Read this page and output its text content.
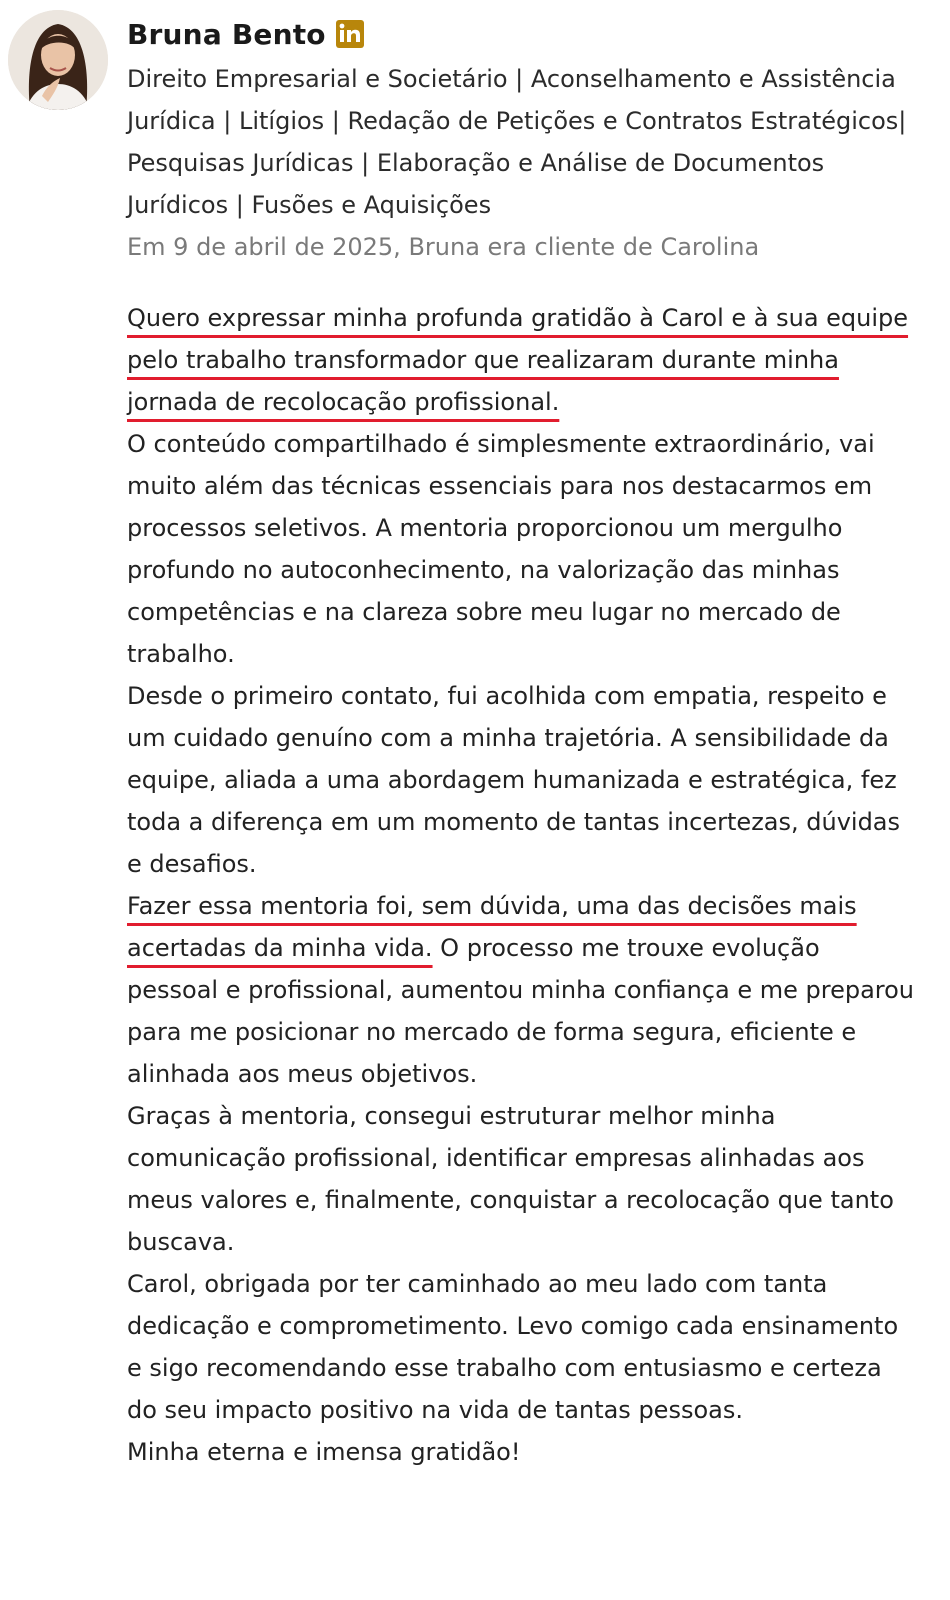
Bruna Bento
Direito Empresarial e Societário | Aconselhamento e Assistência Jurídica | Litígios | Redação de Petições e Contratos Estratégicos| Pesquisas Jurídicas | Elaboração e Análise de Documentos Jurídicos | Fusões e Aquisições
Em 9 de abril de 2025, Bruna era cliente de Carolina

Quero expressar minha profunda gratidão à Carol e à sua equipe pelo trabalho transformador que realizaram durante minha jornada de recolocação profissional.

O conteúdo compartilhado é simplesmente extraordinário, vai muito além das técnicas essenciais para nos destacarmos em processos seletivos. A mentoria proporcionou um mergulho profundo no autoconhecimento, na valorização das minhas competências e na clareza sobre meu lugar no mercado de trabalho.

Desde o primeiro contato, fui acolhida com empatia, respeito e um cuidado genuíno com a minha trajetória. A sensibilidade da equipe, aliada a uma abordagem humanizada e estratégica, fez toda a diferença em um momento de tantas incertezas, dúvidas e desafios.

Fazer essa mentoria foi, sem dúvida, uma das decisões mais acertadas da minha vida. O processo me trouxe evolução pessoal e profissional, aumentou minha confiança e me preparou para me posicionar no mercado de forma segura, eficiente e alinhada aos meus objetivos.

Graças à mentoria, consegui estruturar melhor minha comunicação profissional, identificar empresas alinhadas aos meus valores e, finalmente, conquistar a recolocação que tanto buscava.

Carol, obrigada por ter caminhado ao meu lado com tanta dedicação e comprometimento. Levo comigo cada ensinamento e sigo recomendando esse trabalho com entusiasmo e certeza do seu impacto positivo na vida de tantas pessoas.

Minha eterna e imensa gratidão!
